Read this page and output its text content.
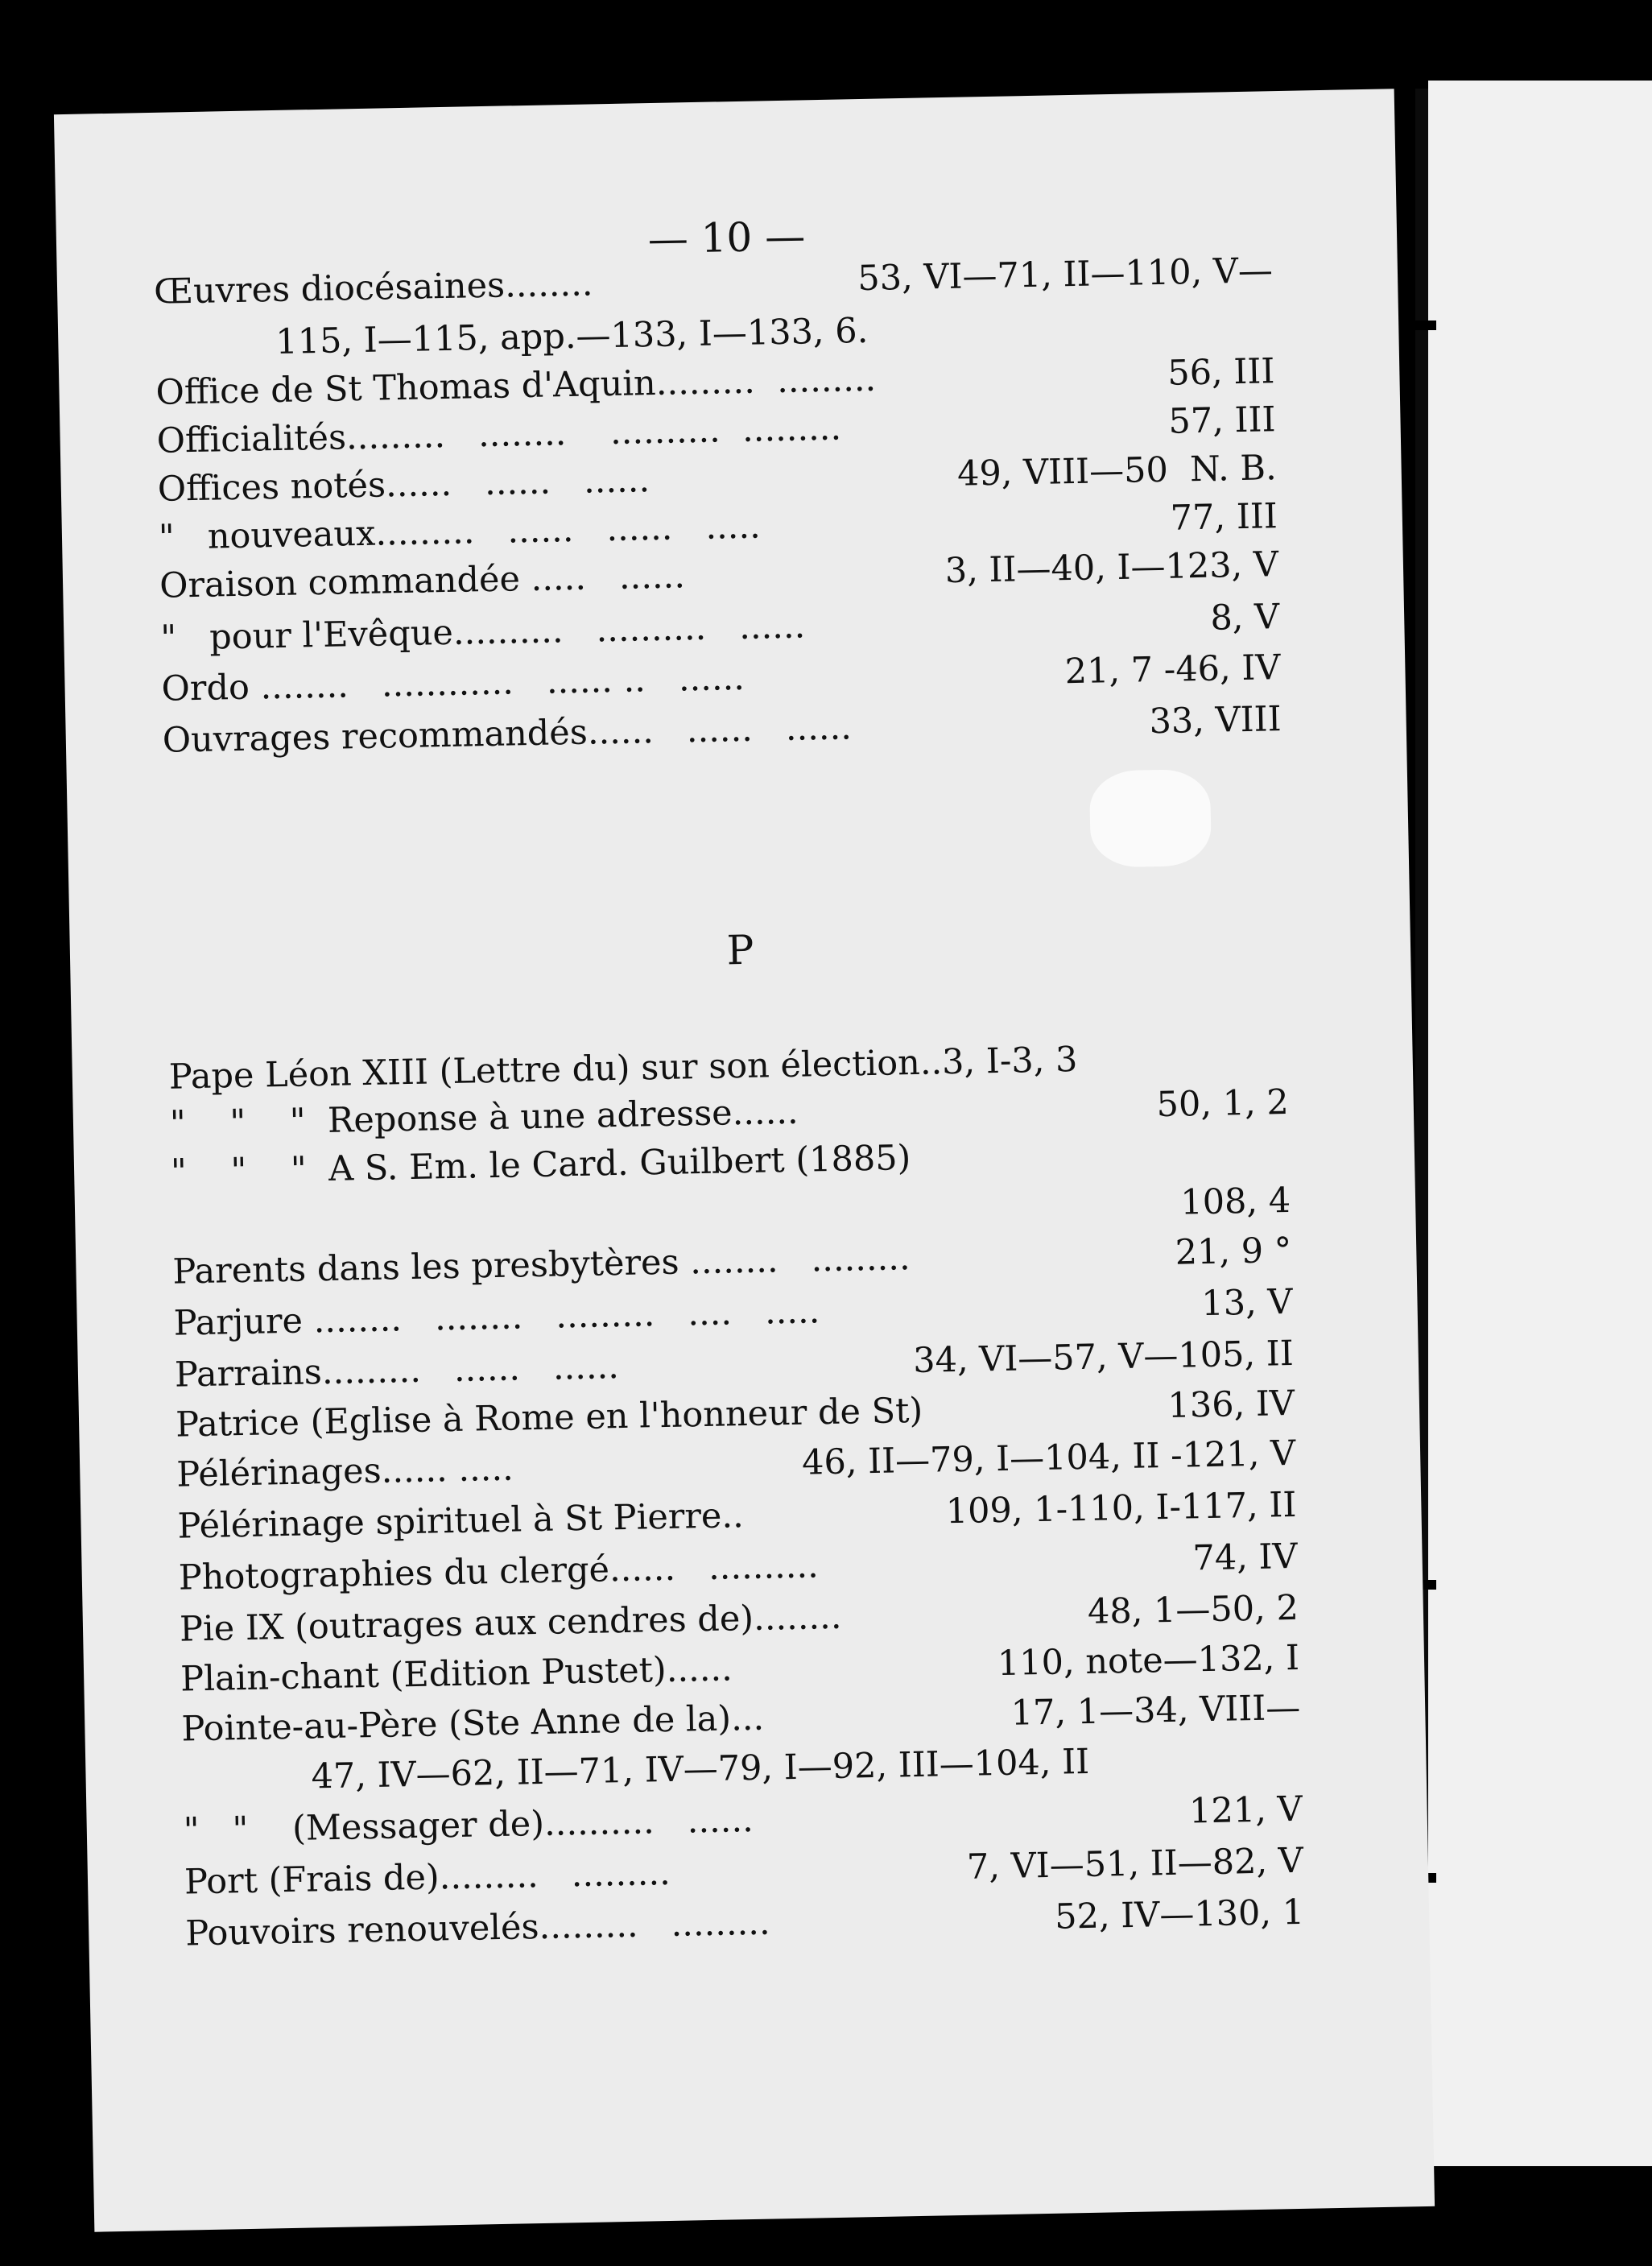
— 10 —
Œuvres diocésaines........	53, VI—71, II—110, V—
115, I—115, app.—133, I—133, 6.
Office de St Thomas d'Aquin.........  .........	56, III
Officialités.........   ........    ..........  .........	57, III
Offices notés......   ......   ......	49, VIII—50  N. B.
"   nouveaux.........   ......   ......   .....	77, III
Oraison commandée .....   ......	3, II—40, I—123, V
"   pour l'Evêque..........   ..........   ......	8, V
Ordo ........   ............   ...... ..   ......	21, 7 -46, IV
Ouvrages recommandés......   ......   ......	33, VIII
P
Pape Léon XIII (Lettre du) sur son élection..3, I-3, 3
"    "    "  Reponse à une adresse......	50, 1, 2
"    "    "  A S. Em. le Card. Guilbert (1885)
108, 4
Parents dans les presbytères ........   .........	21, 9 °
Parjure ........   ........   .........   ....   .....	13, V
Parrains.........   ......   ......	34, VI—57, V—105, II
Patrice (Eglise à Rome en l'honneur de St)	136, IV
Pélérinages...... .....	46, II—79, I—104, II -121, V
Pélérinage spirituel à St Pierre..	109, 1-110, I-117, II
Photographies du clergé......   ..........	74, IV
Pie IX (outrages aux cendres de)........	48, 1—50, 2
Plain-chant (Edition Pustet)......	110, note—132, I
Pointe-au-Père (Ste Anne de la)...	17, 1—34, VIII—
47, IV—62, II—71, IV—79, I—92, III—104, II
"   "    (Messager de)..........   ......	121, V
Port (Frais de).........   .........	7, VI—51, II—82, V
Pouvoirs renouvelés.........   .........	52, IV—130, 1
